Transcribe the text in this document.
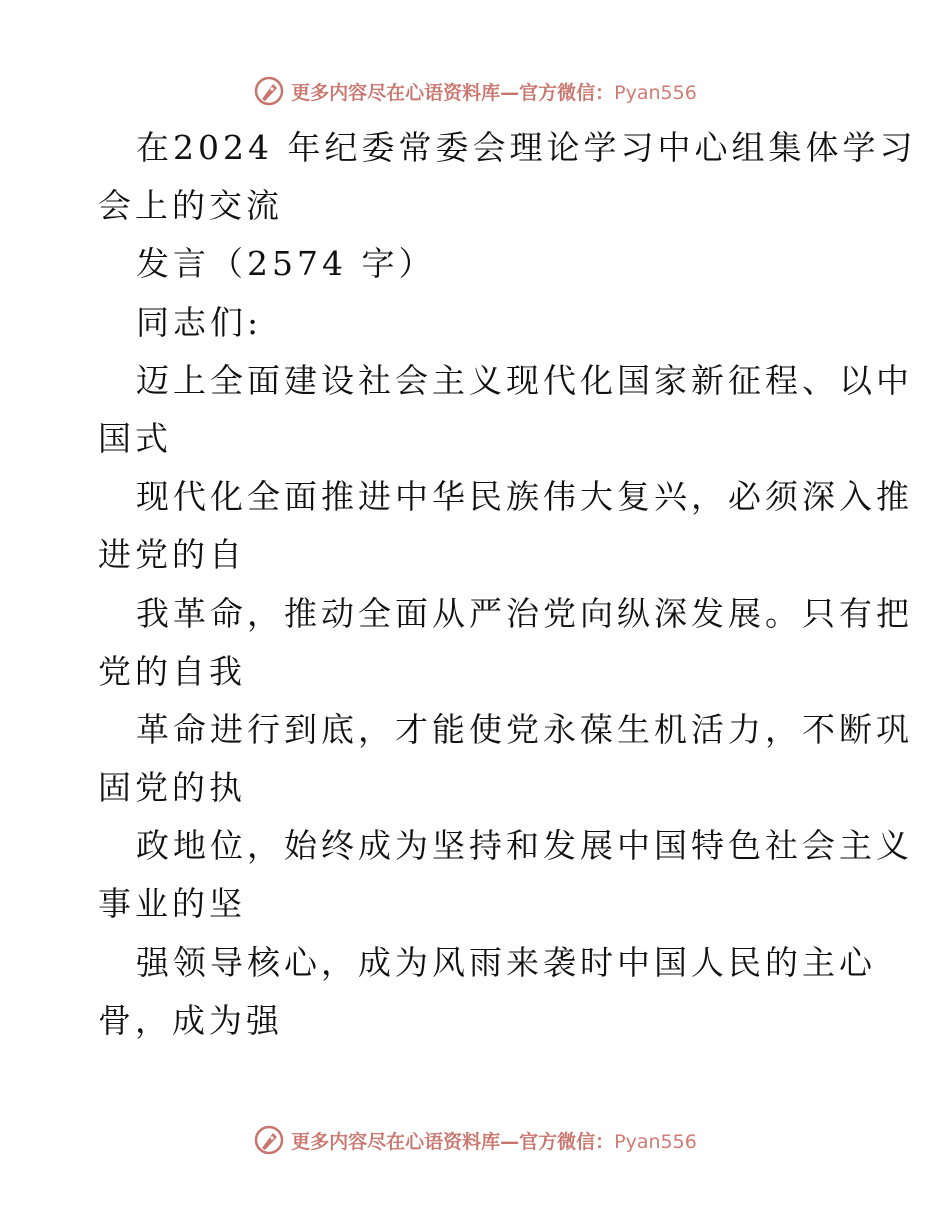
更多内容尽在心语资料库—官方微信：Pyan556
在2024 年纪委常委会理论学习中心组集体学习
会上的交流
发言（2574 字）
同志们:
迈上全面建设社会主义现代化国家新征程、以中
国式
现代化全面推进中华民族伟大复兴，必须深入推
进党的自
我革命，推动全面从严治党向纵深发展。只有把
党的自我
革命进行到底，才能使党永葆生机活力，不断巩
固党的执
政地位，始终成为坚持和发展中国特色社会主义
事业的坚
强领导核心，成为风雨来袭时中国人民的主心
骨，成为强
更多内容尽在心语资料库—官方微信：Pyan556
